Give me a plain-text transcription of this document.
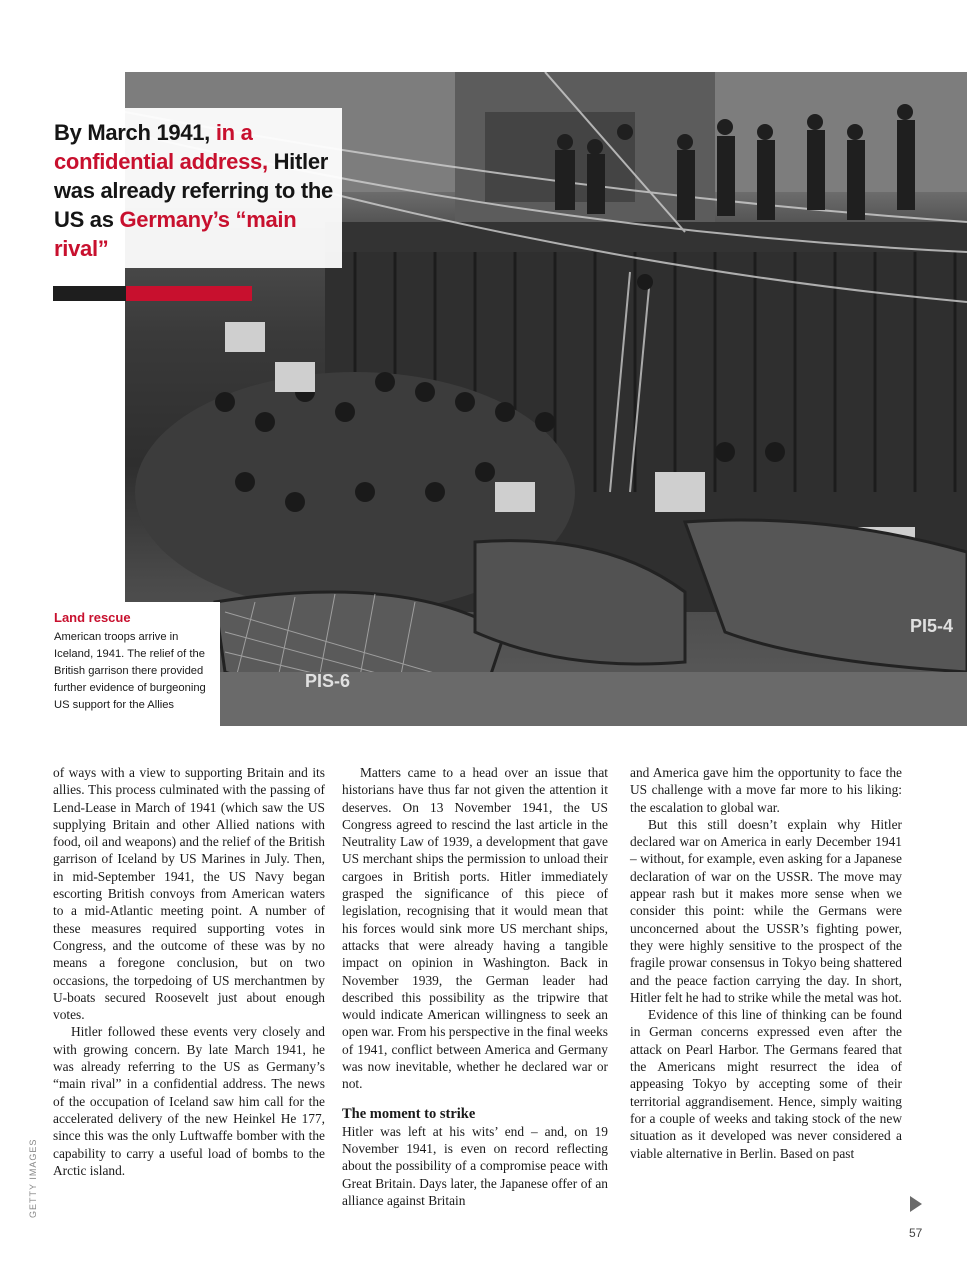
PIS-6
PI5-4
By March 1941, in a confidential address, Hitler was already referring to the US as Germany’s “main rival”
Land rescue
American troops arrive in Iceland, 1941. The relief of the British garrison there provided further evidence of burgeoning US support for the Allies
GETTY IMAGES

of ways with a view to supporting Britain and its allies. This process culminated with the passing of Lend-Lease in March of 1941 (which saw the US supplying Britain and other Allied nations with food, oil and weapons) and the relief of the British garrison of Iceland by US Marines in July. Then, in mid-September 1941, the US Navy began escorting British convoys from American waters to a mid-Atlantic meeting point. A number of these measures required supporting votes in Congress, and the outcome of these was by no means a foregone conclusion, but on two occasions, the torpedoing of US merchantmen by U-boats secured Roosevelt just about enough votes.

Hitler followed these events very closely and with growing concern. By late March 1941, he was already referring to the US as Germany’s “main rival” in a confidential address. The news of the occupation of Iceland saw him call for the accelerated delivery of the new Heinkel He 177, since this was the only Luftwaffe bomber with the capability to carry a useful load of bombs to the Arctic island.

Matters came to a head over an issue that historians have thus far not given the attention it deserves. On 13 November 1941, the US Congress agreed to rescind the last article in the Neutrality Law of 1939, a development that gave US merchant ships the permission to unload their cargoes in British ports. Hitler immediately grasped the significance of this piece of legislation, recognising that it would mean that his forces would sink more US merchant ships, attacks that were already having a tangible impact on opinion in Washington. Back in November 1939, the German leader had described this possibility as the tripwire that would indicate American willingness to seek an open war. From his perspective in the final weeks of 1941, conflict between America and Germany was now inevitable, whether he declared war or not.

The moment to strike

Hitler was left at his wits’ end – and, on 19 November 1941, is even on record reflecting about the possibility of a compromise peace with Great Britain. Days later, the Japanese offer of an alliance against Britain

and America gave him the opportunity to face the US challenge with a move far more to his liking: the escalation to global war.

But this still doesn’t explain why Hitler declared war on America in early December 1941 – without, for example, even asking for a Japanese declaration of war on the USSR. The move may appear rash but it makes more sense when we consider this point: while the Germans were unconcerned about the USSR’s fighting power, they were highly sensitive to the prospect of the fragile prowar consensus in Tokyo being shattered and the peace faction carrying the day. In short, Hitler felt he had to strike while the metal was hot.

Evidence of this line of thinking can be found in German concerns expressed even after the attack on Pearl Harbor. The Germans feared that the Americans might resurrect the idea of appeasing Tokyo by accepting some of their territorial aggrandisement. Hence, simply waiting for a couple of weeks and taking stock of the new situation as it developed was never considered a viable alternative in Berlin. Based on past

57
